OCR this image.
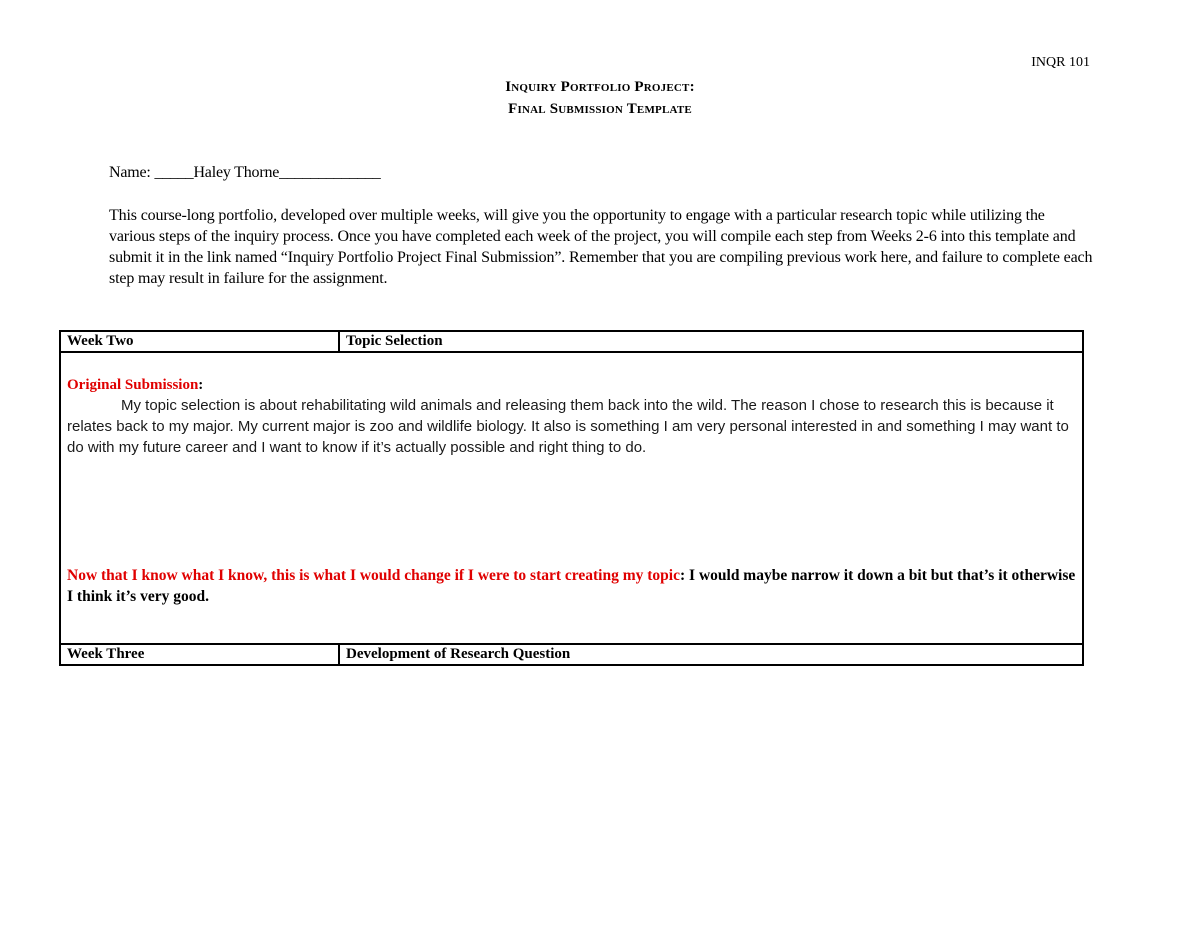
INQR 101
Inquiry Portfolio Project:
Final Submission Template
Name: _____Haley Thorne_____________
This course-long portfolio, developed over multiple weeks, will give you the opportunity to engage with a particular research topic while utilizing the various steps of the inquiry process. Once you have completed each week of the project, you will compile each step from Weeks 2-6 into this template and submit it in the link named “Inquiry Portfolio Project Final Submission”. Remember that you are compiling previous work here, and failure to complete each step may result in failure for the assignment.
Week Two	Topic Selection

Original Submission:
My topic selection is about rehabilitating wild animals and releasing them back into the wild. The reason I chose to research this is because it relates back to my major. My current major is zoo and wildlife biology. It also is something I am very personal interested in and something I may want to do with my future career and I want to know if it’s actually possible and right thing to do.
Now that I know what I know, this is what I would change if I were to start creating my topic: I would maybe narrow it down a bit but that’s it otherwise I think it’s very good.	

Week Three	Development of Research Question
